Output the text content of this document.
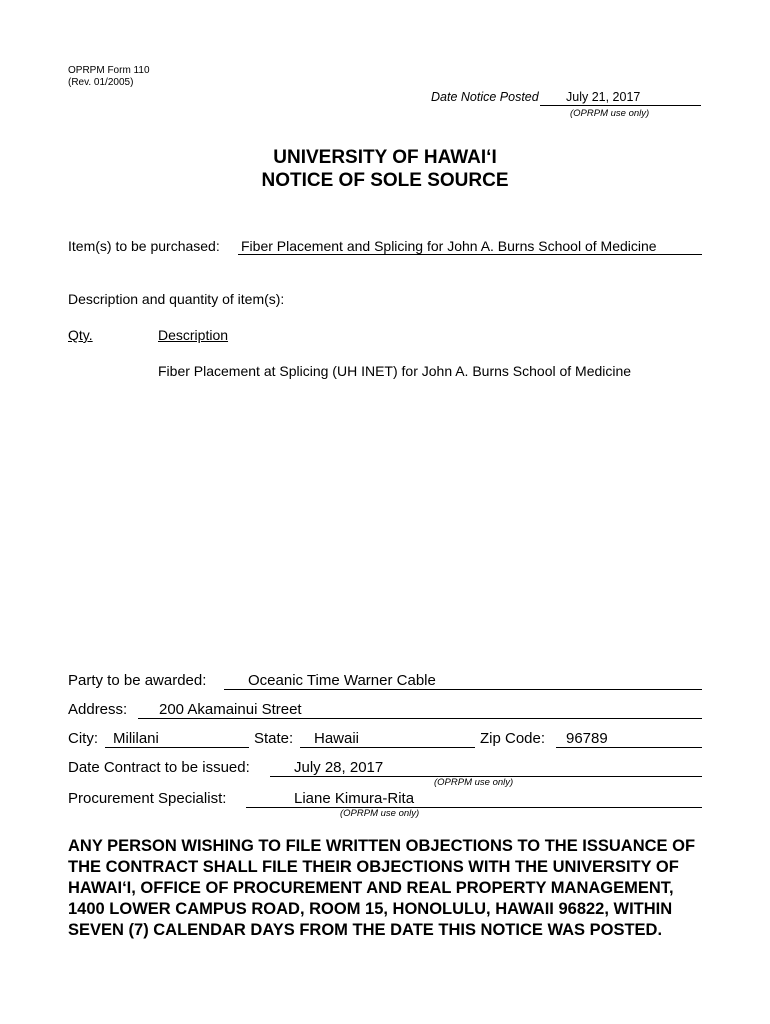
OPRPM Form 110
(Rev. 01/2005)
Date Notice Posted July 21, 2017
(OPRPM use only)
UNIVERSITY OF HAWAI‘I
NOTICE OF SOLE SOURCE
Item(s) to be purchased: Fiber Placement and Splicing for John A. Burns School of Medicine
Description and quantity of item(s):
Qty.	Description
Fiber Placement at Splicing (UH INET) for John A. Burns School of Medicine
Party to be awarded:	Oceanic Time Warner Cable
Address: 200 Akamainui Street
City: Mililani	State: Hawaii	Zip Code: 96789
Date Contract to be issued:	July 28, 2017
(OPRPM use only)
Procurement Specialist:	Liane Kimura-Rita
(OPRPM use only)
ANY PERSON WISHING TO FILE WRITTEN OBJECTIONS TO THE ISSUANCE OF THE CONTRACT SHALL FILE THEIR OBJECTIONS WITH THE UNIVERSITY OF HAWAI‘I, OFFICE OF PROCUREMENT AND REAL PROPERTY MANAGEMENT, 1400 LOWER CAMPUS ROAD, ROOM 15, HONOLULU, HAWAII 96822, WITHIN SEVEN (7) CALENDAR DAYS FROM THE DATE THIS NOTICE WAS POSTED.
